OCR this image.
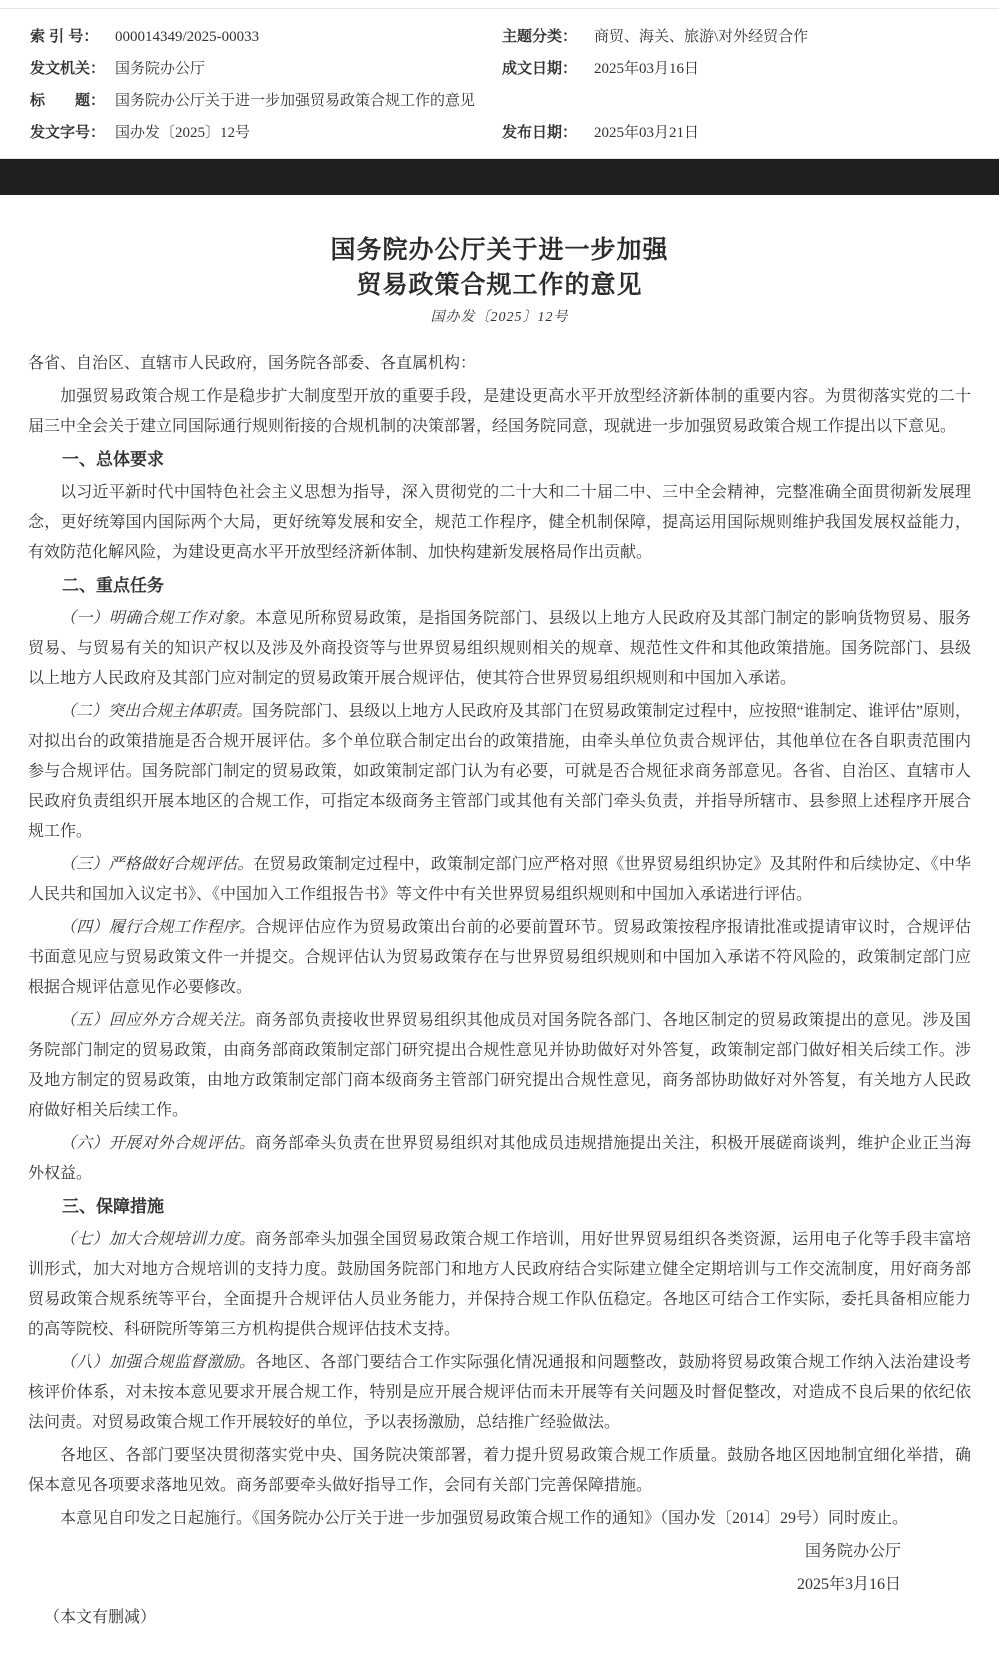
索 引 号：	000014349/2025-00033	主题分类：	商贸、海关、旅游\对外经贸合作
发文机关： 国务院办公厅	成文日期：	2025年03月16日
标　　题： 国务院办公厅关于进一步加强贸易政策合规工作的意见
发文字号： 国办发〔2025〕12号	发布日期：	2025年03月21日
国务院办公厅关于进一步加强
贸易政策合规工作的意见
国办发〔2025〕12号

各省、自治区、直辖市人民政府，国务院各部委、各直属机构：

加强贸易政策合规工作是稳步扩大制度型开放的重要手段，是建设更高水平开放型经济新体制的重要内容。为贯彻落实党的二十届三中全会关于建立同国际通行规则衔接的合规机制的决策部署，经国务院同意，现就进一步加强贸易政策合规工作提出以下意见。

一、总体要求

以习近平新时代中国特色社会主义思想为指导，深入贯彻党的二十大和二十届二中、三中全会精神，完整准确全面贯彻新发展理念，更好统筹国内国际两个大局，更好统筹发展和安全，规范工作程序，健全机制保障，提高运用国际规则维护我国发展权益能力，有效防范化解风险，为建设更高水平开放型经济新体制、加快构建新发展格局作出贡献。

二、重点任务

（一）明确合规工作对象。本意见所称贸易政策，是指国务院部门、县级以上地方人民政府及其部门制定的影响货物贸易、服务贸易、与贸易有关的知识产权以及涉及外商投资等与世界贸易组织规则相关的规章、规范性文件和其他政策措施。国务院部门、县级以上地方人民政府及其部门应对制定的贸易政策开展合规评估，使其符合世界贸易组织规则和中国加入承诺。

（二）突出合规主体职责。国务院部门、县级以上地方人民政府及其部门在贸易政策制定过程中，应按照“谁制定、谁评估”原则，对拟出台的政策措施是否合规开展评估。多个单位联合制定出台的政策措施，由牵头单位负责合规评估，其他单位在各自职责范围内参与合规评估。国务院部门制定的贸易政策，如政策制定部门认为有必要，可就是否合规征求商务部意见。各省、自治区、直辖市人民政府负责组织开展本地区的合规工作，可指定本级商务主管部门或其他有关部门牵头负责，并指导所辖市、县参照上述程序开展合规工作。

（三）严格做好合规评估。在贸易政策制定过程中，政策制定部门应严格对照《世界贸易组织协定》及其附件和后续协定、《中华人民共和国加入议定书》、《中国加入工作组报告书》等文件中有关世界贸易组织规则和中国加入承诺进行评估。

（四）履行合规工作程序。合规评估应作为贸易政策出台前的必要前置环节。贸易政策按程序报请批准或提请审议时，合规评估书面意见应与贸易政策文件一并提交。合规评估认为贸易政策存在与世界贸易组织规则和中国加入承诺不符风险的，政策制定部门应根据合规评估意见作必要修改。

（五）回应外方合规关注。商务部负责接收世界贸易组织其他成员对国务院各部门、各地区制定的贸易政策提出的意见。涉及国务院部门制定的贸易政策，由商务部商政策制定部门研究提出合规性意见并协助做好对外答复，政策制定部门做好相关后续工作。涉及地方制定的贸易政策，由地方政策制定部门商本级商务主管部门研究提出合规性意见，商务部协助做好对外答复，有关地方人民政府做好相关后续工作。

（六）开展对外合规评估。商务部牵头负责在世界贸易组织对其他成员违规措施提出关注，积极开展磋商谈判，维护企业正当海外权益。

三、保障措施

（七）加大合规培训力度。商务部牵头加强全国贸易政策合规工作培训，用好世界贸易组织各类资源，运用电子化等手段丰富培训形式，加大对地方合规培训的支持力度。鼓励国务院部门和地方人民政府结合实际建立健全定期培训与工作交流制度，用好商务部贸易政策合规系统等平台，全面提升合规评估人员业务能力，并保持合规工作队伍稳定。各地区可结合工作实际，委托具备相应能力的高等院校、科研院所等第三方机构提供合规评估技术支持。

（八）加强合规监督激励。各地区、各部门要结合工作实际强化情况通报和问题整改，鼓励将贸易政策合规工作纳入法治建设考核评价体系，对未按本意见要求开展合规工作，特别是应开展合规评估而未开展等有关问题及时督促整改，对造成不良后果的依纪依法问责。对贸易政策合规工作开展较好的单位，予以表扬激励，总结推广经验做法。

各地区、各部门要坚决贯彻落实党中央、国务院决策部署，着力提升贸易政策合规工作质量。鼓励各地区因地制宜细化举措，确保本意见各项要求落地见效。商务部要牵头做好指导工作，会同有关部门完善保障措施。

本意见自印发之日起施行。《国务院办公厅关于进一步加强贸易政策合规工作的通知》（国办发〔2014〕29号）同时废止。

国务院办公厅

2025年3月16日

（本文有删减）
